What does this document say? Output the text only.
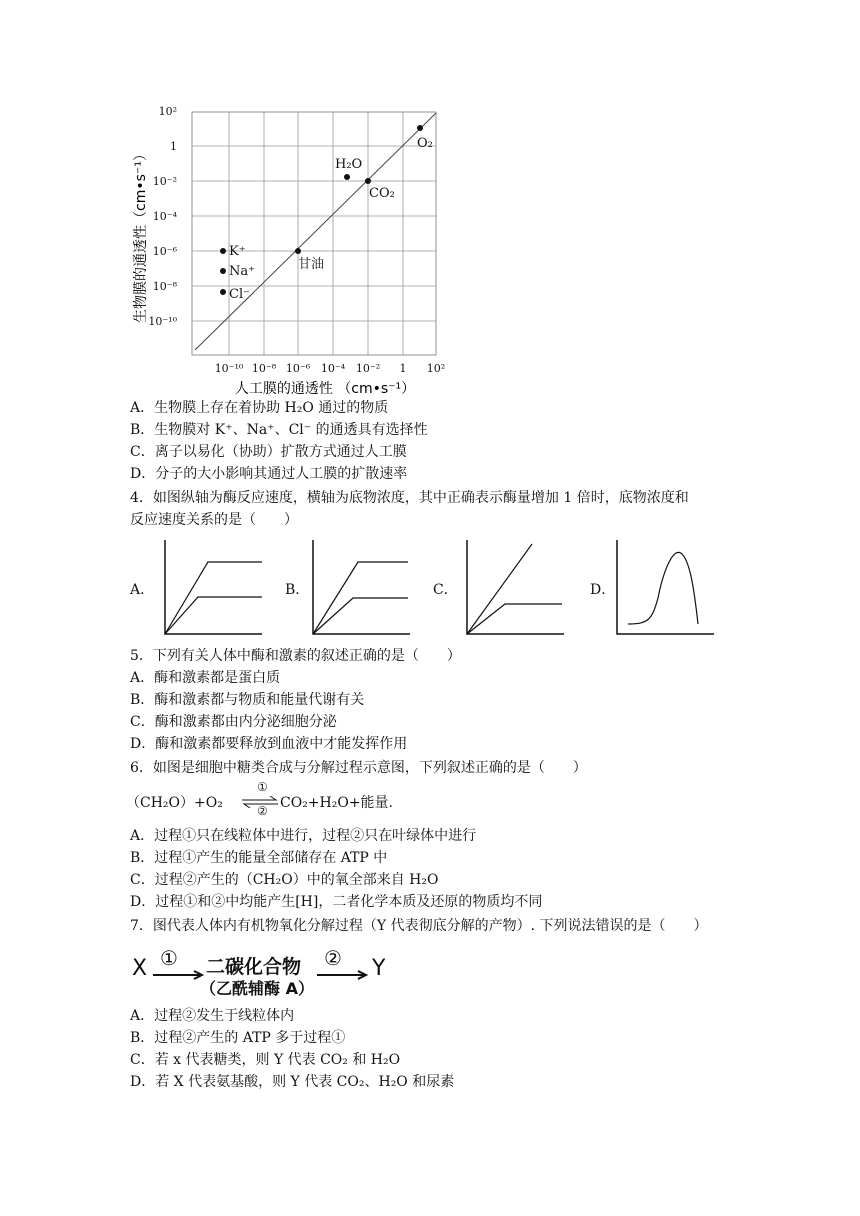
10²
1
10⁻²
10⁻⁴
10⁻⁶
10⁻⁸
10⁻¹⁰
10⁻¹⁰ 10⁻⁸ 10⁻⁶ 10⁻⁴ 10⁻² 1 10²
人工膜的通透性 （cm•s⁻¹）
生物膜的通透性（cm•s⁻¹）
O₂
H₂O
CO₂
甘油
K⁺
Na⁺
Cl⁻
A．生物膜上存在着协助 H₂O 通过的物质
B．生物膜对 K⁺、Na⁺、Cl⁻ 的通透具有选择性
C．离子以易化（协助）扩散方式通过人工膜
D．分子的大小影响其通过人工膜的扩散速率
4．如图纵轴为酶反应速度，横轴为底物浓度，其中正确表示酶量增加 1 倍时，底物浓度和
反应速度关系的是（　　）
A．	B．	C．	D．
5．下列有关人体中酶和激素的叙述正确的是（　　）
A．酶和激素都是蛋白质
B．酶和激素都与物质和能量代谢有关
C．酶和激素都由内分泌细胞分泌
D．酶和激素都要释放到血液中才能发挥作用
6．如图是细胞中糖类合成与分解过程示意图，下列叙述正确的是（　　）
（CH₂O）+O₂
①
② ⇌ CO₂+H₂O+能量.
A．过程①只在线粒体中进行，过程②只在叶绿体中进行
B．过程①产生的能量全部储存在 ATP 中
C．过程②产生的（CH₂O）中的氧全部来自 H₂O
D．过程①和②中均能产生[H]，二者化学本质及还原的物质均不同
7．图代表人体内有机物氧化分解过程（Y 代表彻底分解的产物）. 下列说法错误的是（　　）
X ① 二碳化合物
（乙酰辅酶 A）
② Y
A．过程②发生于线粒体内
B．过程②产生的 ATP 多于过程①
C．若 x 代表糖类，则 Y 代表 CO₂ 和 H₂O
D．若 X 代表氨基酸，则 Y 代表 CO₂、H₂O 和尿素
